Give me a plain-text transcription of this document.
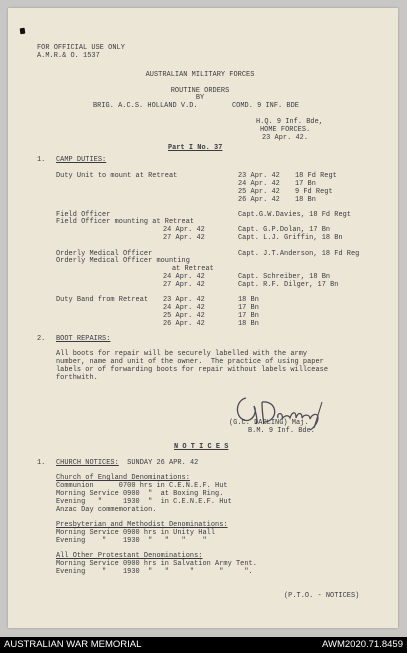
FOR OFFICIAL USE ONLY
A.M.R.& O. 1537
AUSTRALIAN MILITARY FORCES
ROUTINE ORDERS
BY
BRIG. A.C.S. HOLLAND V.D.	COMD. 9 INF. BDE
H.Q. 9 Inf. Bde,
HOME FORCES.
23 Apr. 42.
Part I No. 37
1. CAMP DUTIES:
Duty Unit to mount at Retreat	23 Apr. 42 18 Fd Regt
24 Apr. 42 17 Bn
25 Apr. 42 9 Fd Regt
26 Apr. 42 18 Bn
Field Officer	Capt.G.W.Davies, 18 Fd Regt
Field Officer mounting at Retreat
24 Apr. 42	Capt. G.P.Dolan, 17 Bn
27 Apr. 42	Capt. L.J. Griffin, 18 Bn
Orderly Medical Officer	Capt. J.T.Anderson, 18 Fd Reg
Orderly Medical Officer mounting
at Retreat
24 Apr. 42	Capt. Schreiber, 18 Bn
27 Apr. 42	Capt. R.F. Dilger, 17 Bn
Duty Band from Retreat 23 Apr. 42	18 Bn
24 Apr. 42	17 Bn
25 Apr. 42	17 Bn
26 Apr. 42	18 Bn
2. BOOT REPAIRS:
All boots for repair will be securely labelled with the army
number, name and unit of the owner.  The practice of using paper
labels or of forwarding boots for repair without labels willcease
forthwith.
(G.C. DARLING) Maj.
B.M. 9 Inf. Bde.
N O T I C E S
1. CHURCH NOTICES: SUNDAY 26 APR. 42
Church of England Denominations:
Communion      0700 hrs in C.E.N.E.F. Hut
Morning Service 0900  "  at Boxing Ring.
Evening   "     1930  "  in C.E.N.E.F. Hut
Anzac Day commemoration.
Presbyterian and Methodist Denominations:
Morning Service 0900 hrs in Unity Hall
Evening    "    1930  "   "   "    "
All Other Protestant Denominations:
Morning Service 0900 hrs in Salvation Army Tent.
Evening    "    1930  "   "     "      "     ".
(P.T.O. - NOTICES)
AUSTRALIAN WAR MEMORIAL	AWM2020.71.8459
